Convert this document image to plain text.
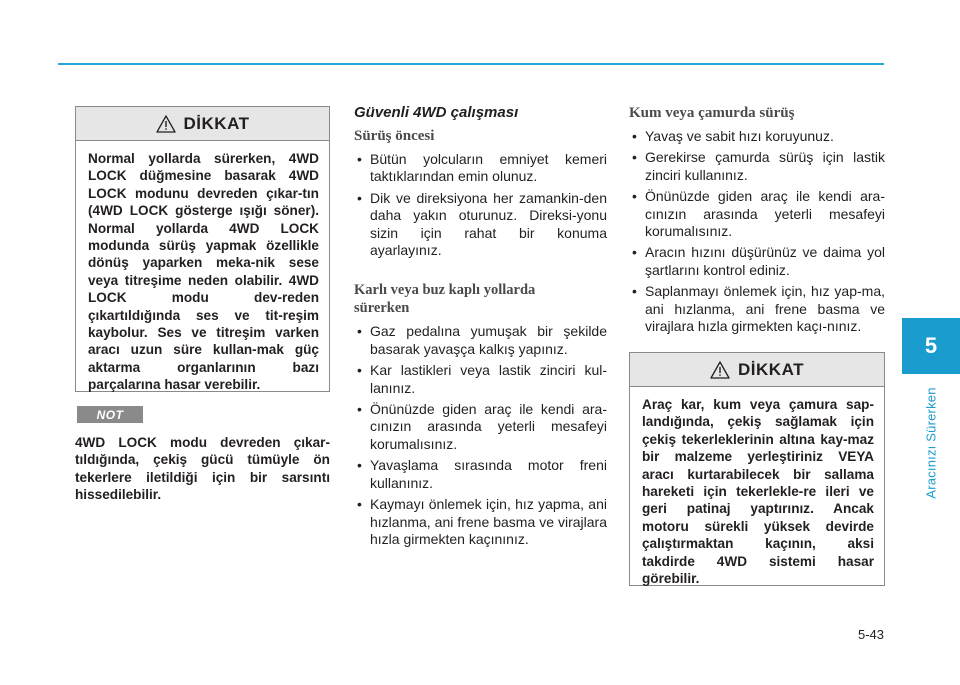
5
Aracınızı Sürerken
DİKKAT
Normal yollarda sürerken, 4WD LOCK düğmesine basarak 4WD LOCK modunu devreden çıkar-tın (4WD LOCK gösterge ışığı söner). Normal yollarda 4WD LOCK modunda sürüş yapmak özellikle dönüş yaparken meka-nik sese veya titreşime neden olabilir. 4WD LOCK modu dev-reden çıkartıldığında ses ve tit-reşim kaybolur. Ses ve titreşim varken aracı uzun süre kullan-mak güç aktarma organlarının bazı parçalarına hasar verebilir.
NOT
4WD LOCK modu devreden çıkar-tıldığında, çekiş gücü tümüyle ön tekerlere iletildiği için bir sarsıntı hissedilebilir.
Güvenli 4WD çalışması
Sürüş öncesi
• Bütün yolcuların emniyet kemeri taktıklarından emin olunuz.
• Dik ve direksiyona her zamankin-den daha yakın oturunuz. Direksi-yonu sizin için rahat bir konuma ayarlayınız.
Karlı veya buz kaplı yollarda
sürerken
• Gaz pedalına yumuşak bir şekilde basarak yavaşça kalkış yapınız.
• Kar lastikleri veya lastik zinciri kul-lanınız.
• Önünüzde giden araç ile kendi ara-cınızın arasında yeterli mesafeyi korumalısınız.
• Yavaşlama sırasında motor freni kullanınız.
• Kaymayı önlemek için, hız yapma, ani hızlanma, ani frene basma ve virajlara hızla girmekten kaçınınız.
Kum veya çamurda sürüş
• Yavaş ve sabit hızı koruyunuz.
• Gerekirse çamurda sürüş için lastik zinciri kullanınız.
• Önünüzde giden araç ile kendi ara-cınızın arasında yeterli mesafeyi korumalısınız.
• Aracın hızını düşürünüz ve daima yol şartlarını kontrol ediniz.
• Saplanmayı önlemek için, hız yap-ma, ani hızlanma, ani frene basma ve virajlara hızla girmekten kaçı-nınız.
DİKKAT
Araç kar, kum veya çamura sap-landığında, çekiş sağlamak için çekiş tekerleklerinin altına kay-maz bir malzeme yerleştiriniz VEYA aracı kurtarabilecek bir sallama hareketi için tekerlekle-re ileri ve geri patinaj yaptırınız. Ancak motoru sürekli yüksek devirde çalıştırmaktan kaçının, aksi takdirde 4WD sistemi hasar görebilir.
5-43
